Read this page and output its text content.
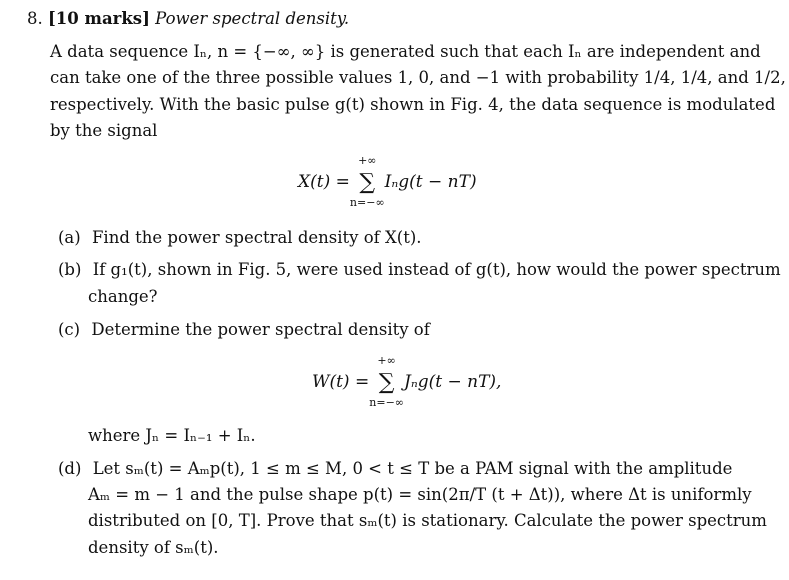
8. [10 marks] Power spectral density.
A data sequence Iₙ, n = {−∞, ∞} is generated such that each Iₙ are independent and
can take one of the three possible values 1, 0, and −1 with probability 1/4, 1/4, and 1/2,
respectively. With the basic pulse g(t) shown in Fig. 4, the data sequence is modulated
by the signal
X(t) =
+∞
∑
n=−∞
Iₙg(t − nT)
(a) Find the power spectral density of X(t).
(b) If g₁(t), shown in Fig. 5, were used instead of g(t), how would the power spectrum
change?
(c) Determine the power spectral density of
W(t) =
+∞
∑
n=−∞
Jₙg(t − nT),
where Jₙ = Iₙ₋₁ + Iₙ.
(d) Let sₘ(t) = Aₘp(t), 1 ≤ m ≤ M, 0 < t ≤ T be a PAM signal with the amplitude
Aₘ = m − 1 and the pulse shape p(t) = sin(2π/T (t + Δt)), where Δt is uniformly
distributed on [0, T]. Prove that sₘ(t) is stationary. Calculate the power spectrum
density of sₘ(t).
